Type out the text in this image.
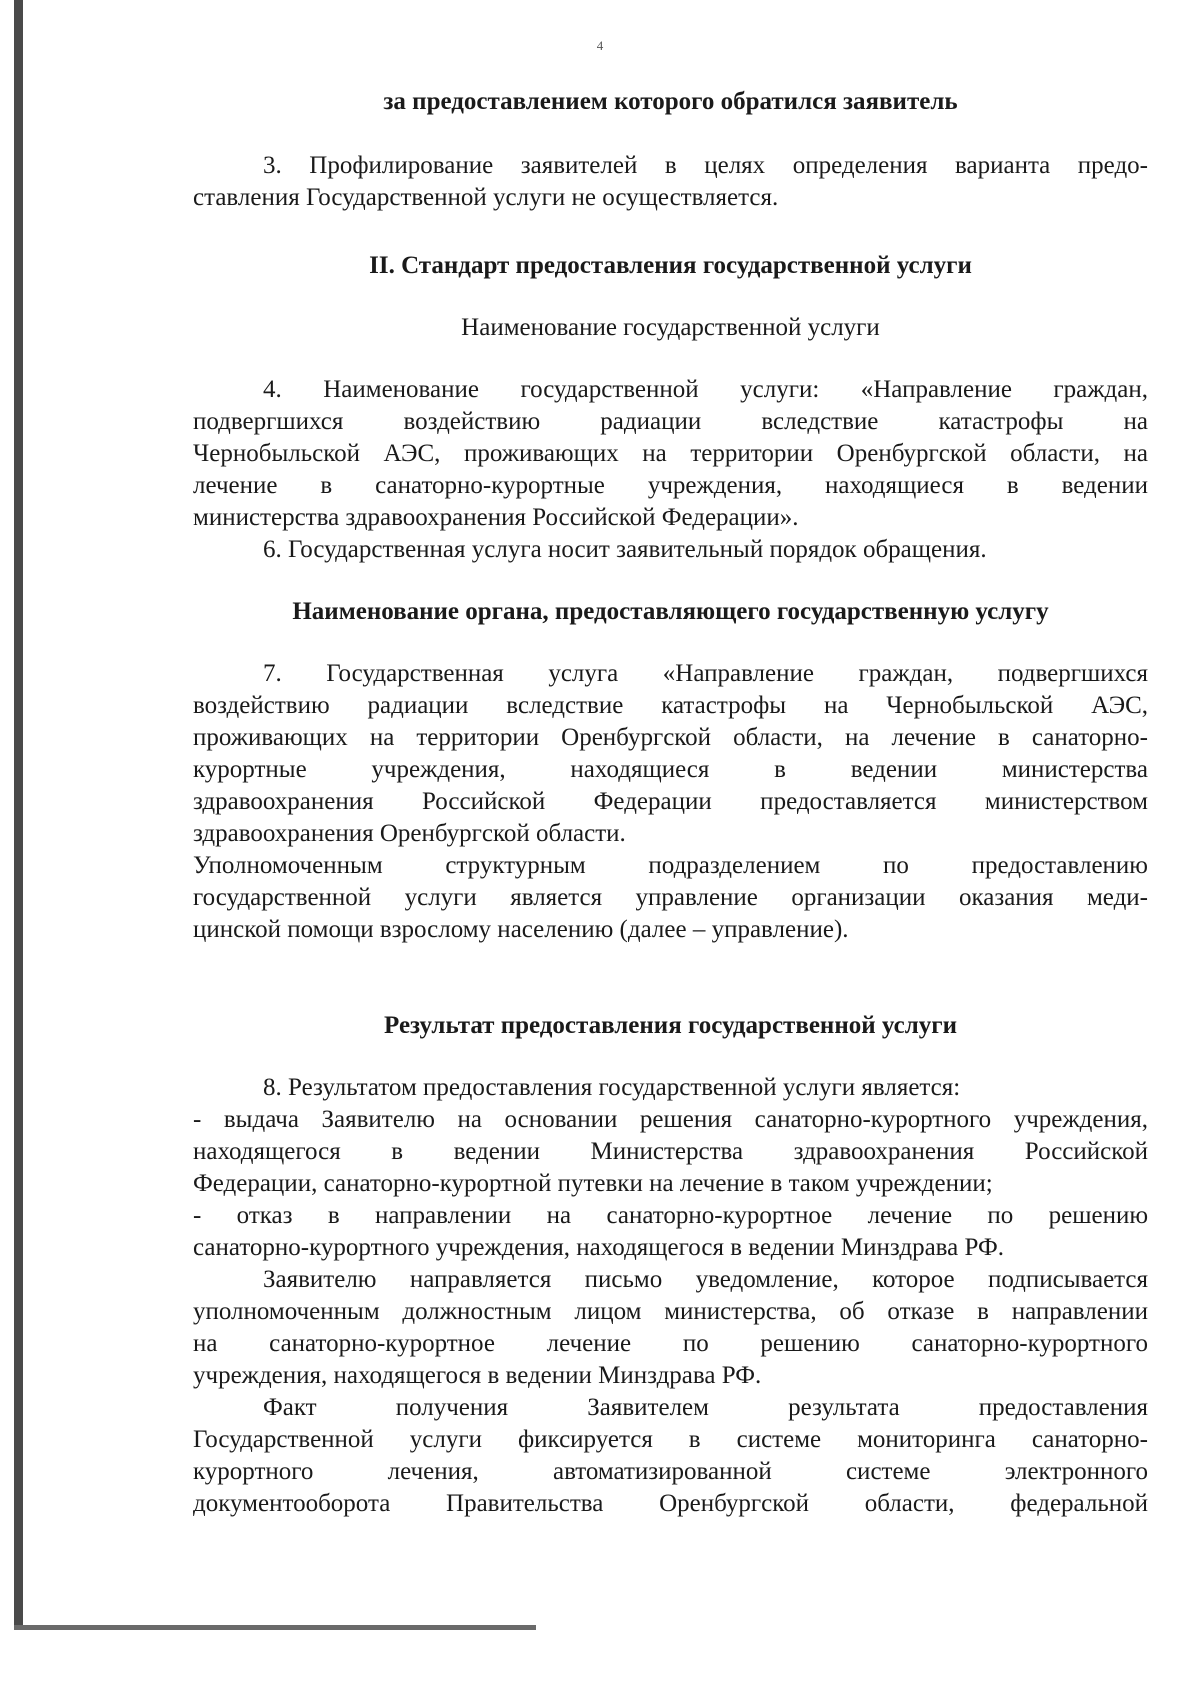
4

за предоставлением которого обратился заявитель

3. Профилирование заявителей в целях определения варианта предо-

ставления Государственной услуги не осуществляется.

II. Стандарт предоставления государственной услуги

Наименование государственной услуги

4. Наименование государственной услуги: «Направление граждан,

подвергшихся воздействию радиации вследствие катастрофы на

Чернобыльской АЭС, проживающих на территории Оренбургской области, на

лечение в санаторно-курортные учреждения, находящиеся в ведении

министерства здравоохранения Российской Федерации».

6. Государственная услуга носит заявительный порядок обращения.

Наименование органа, предоставляющего государственную услугу

7. Государственная услуга «Направление граждан, подвергшихся

воздействию радиации вследствие катастрофы на Чернобыльской АЭС,

проживающих на территории Оренбургской области, на лечение в санаторно-

курортные учреждения, находящиеся в ведении министерства

здравоохранения Российской Федерации предоставляется министерством

здравоохранения Оренбургской области.

Уполномоченным структурным подразделением по предоставлению

государственной услуги является управление организации оказания меди-

цинской помощи взрослому населению (далее – управление).

Результат предоставления государственной услуги

8. Результатом предоставления государственной услуги является:

- выдача Заявителю на основании решения санаторно-курортного учреждения,

находящегося в ведении Министерства здравоохранения Российской

Федерации, санаторно-курортной путевки на лечение в таком учреждении;

- отказ в направлении на санаторно-курортное лечение по решению

санаторно-курортного учреждения, находящегося в ведении Минздрава РФ.

Заявителю направляется письмо уведомление, которое подписывается

уполномоченным должностным лицом министерства, об отказе в направлении

на санаторно-курортное лечение по решению санаторно-курортного

учреждения, находящегося в ведении Минздрава РФ.

Факт получения Заявителем результата предоставления

Государственной услуги фиксируется в системе мониторинга санаторно-

курортного лечения, автоматизированной системе электронного

документооборота Правительства Оренбургской области, федеральной
